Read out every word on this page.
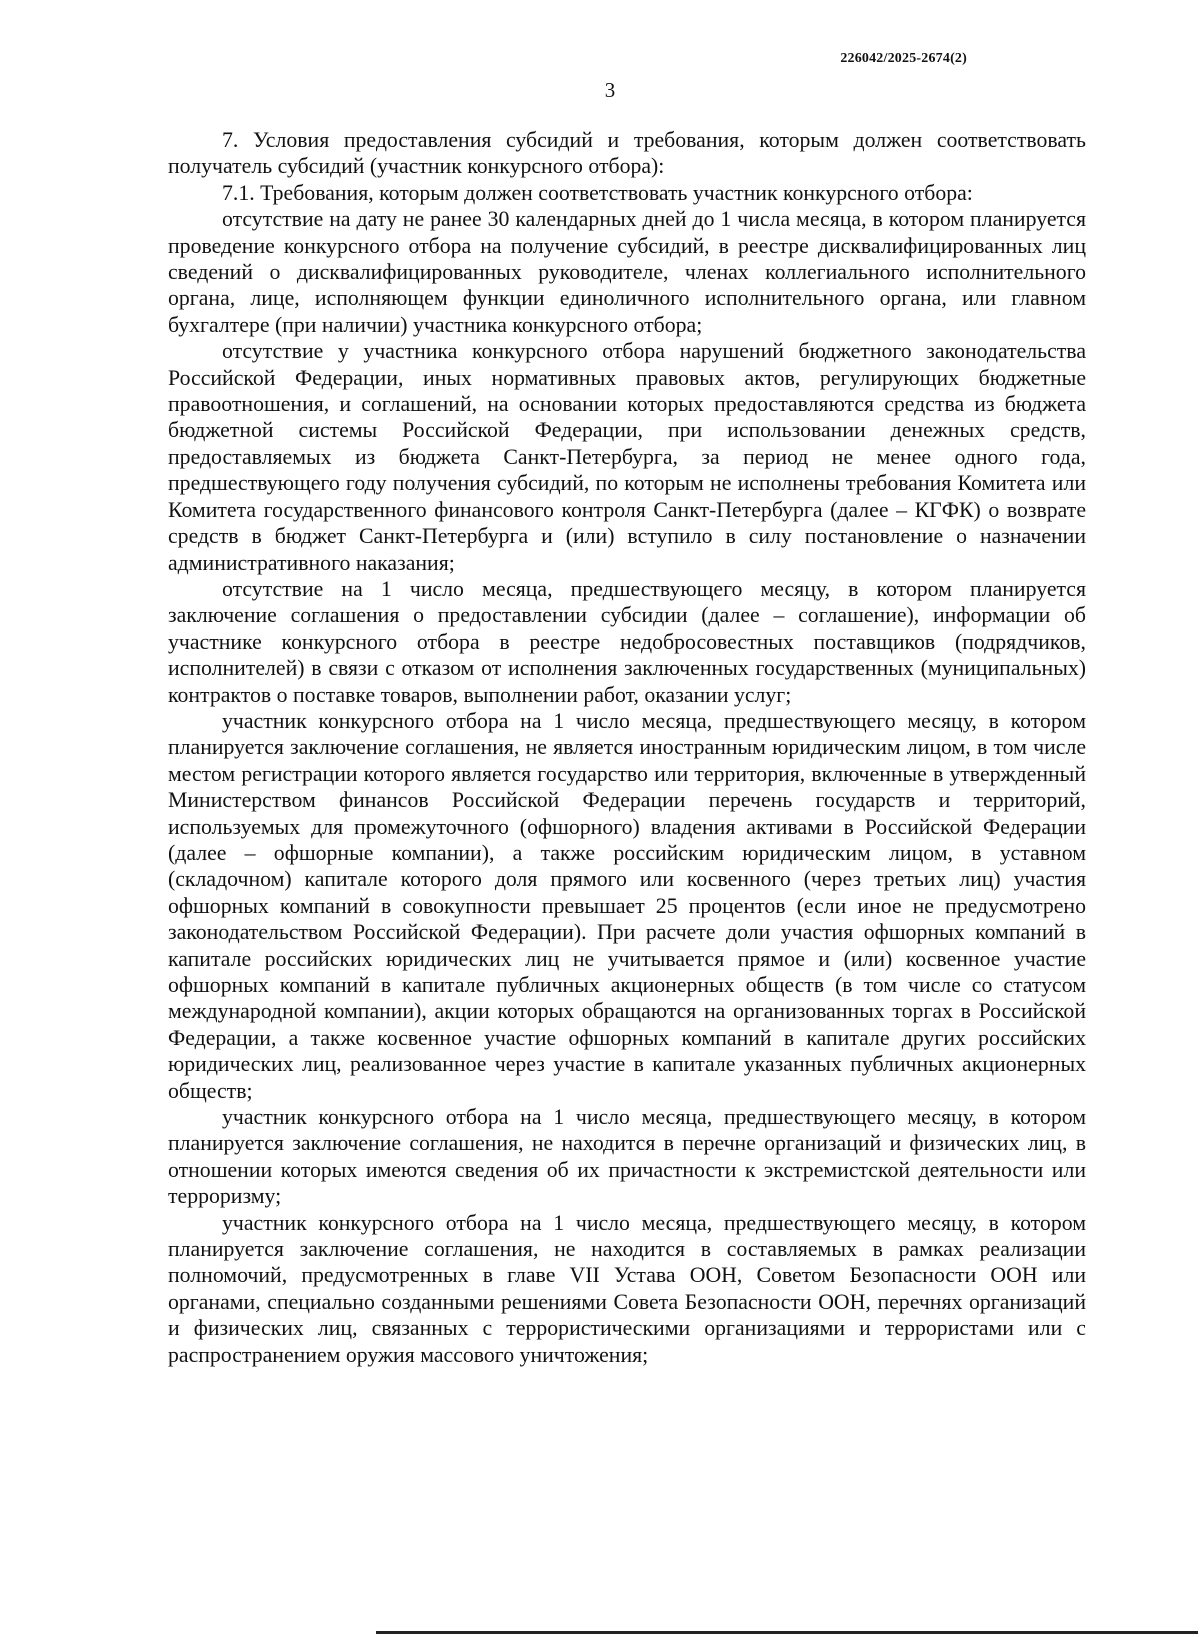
226042/2025-2674(2)
3

7. Условия предоставления субсидий и требования, которым должен соответствовать получатель субсидий (участник конкурсного отбора):

7.1. Требования, которым должен соответствовать участник конкурсного отбора:

отсутствие на дату не ранее 30 календарных дней до 1 числа месяца, в котором планируется проведение конкурсного отбора на получение субсидий, в реестре дисквалифицированных лиц сведений о дисквалифицированных руководителе, членах коллегиального исполнительного органа, лице, исполняющем функции единоличного исполнительного органа, или главном бухгалтере (при наличии) участника конкурсного отбора;

отсутствие у участника конкурсного отбора нарушений бюджетного законодательства Российской Федерации, иных нормативных правовых актов, регулирующих бюджетные правоотношения, и соглашений, на основании которых предоставляются средства из бюджета бюджетной системы Российской Федерации, при использовании денежных средств, предоставляемых из бюджета Санкт-Петербурга, за период не менее одного года, предшествующего году получения субсидий, по которым не исполнены требования Комитета или Комитета государственного финансового контроля Санкт-Петербурга (далее – КГФК) о возврате средств в бюджет Санкт-Петербурга и (или) вступило в силу постановление о назначении административного наказания;

отсутствие на 1 число месяца, предшествующего месяцу, в котором планируется заключение соглашения о предоставлении субсидии (далее – соглашение), информации об участнике конкурсного отбора в реестре недобросовестных поставщиков (подрядчиков, исполнителей) в связи с отказом от исполнения заключенных государственных (муниципальных) контрактов о поставке товаров, выполнении работ, оказании услуг;

участник конкурсного отбора на 1 число месяца, предшествующего месяцу, в котором планируется заключение соглашения, не является иностранным юридическим лицом, в том числе местом регистрации которого является государство или территория, включенные в утвержденный Министерством финансов Российской Федерации перечень государств и территорий, используемых для промежуточного (офшорного) владения активами в Российской Федерации (далее – офшорные компании), а также российским юридическим лицом, в уставном (складочном) капитале которого доля прямого или косвенного (через третьих лиц) участия офшорных компаний в совокупности превышает 25 процентов (если иное не предусмотрено законодательством Российской Федерации). При расчете доли участия офшорных компаний в капитале российских юридических лиц не учитывается прямое и (или) косвенное участие офшорных компаний в капитале публичных акционерных обществ (в том числе со статусом международной компании), акции которых обращаются на организованных торгах в Российской Федерации, а также косвенное участие офшорных компаний в капитале других российских юридических лиц, реализованное через участие в капитале указанных публичных акционерных обществ;

участник конкурсного отбора на 1 число месяца, предшествующего месяцу, в котором планируется заключение соглашения, не находится в перечне организаций и физических лиц, в отношении которых имеются сведения об их причастности к экстремистской деятельности или терроризму;

участник конкурсного отбора на 1 число месяца, предшествующего месяцу, в котором планируется заключение соглашения, не находится в составляемых в рамках реализации полномочий, предусмотренных в главе VII Устава ООН, Советом Безопасности ООН или органами, специально созданными решениями Совета Безопасности ООН, перечнях организаций и физических лиц, связанных с террористическими организациями и террористами или с распространением оружия массового уничтожения;
